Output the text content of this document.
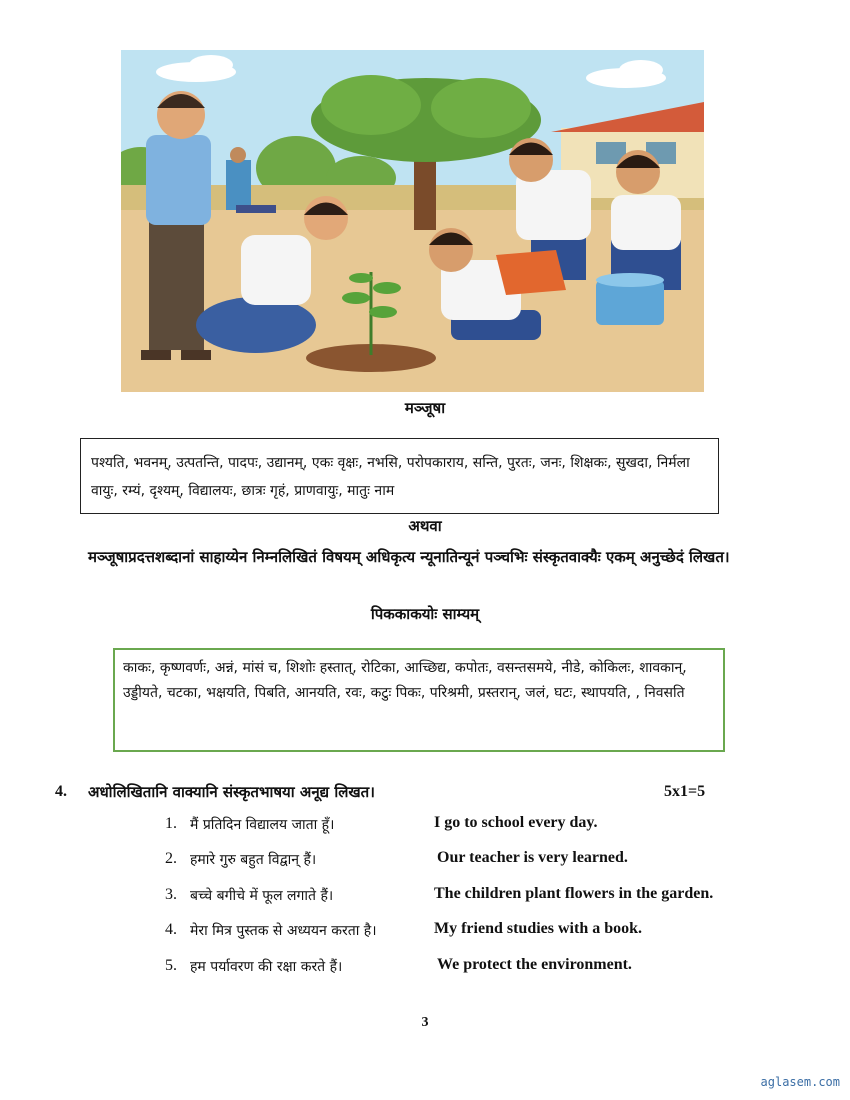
मञ्जूषा
पश्यति, भवनम्, उत्पतन्ति, पादपः, उद्यानम्, एकः वृक्षः, नभसि, परोपकाराय, सन्ति, पुरतः, जनः, शिक्षकः, सुखदा, निर्मला वायुः, रम्यं, दृश्यम्, विद्यालयः, छात्रः गृहं, प्राणवायुः, मातुः नाम
अथवा
मञ्जूषाप्रदत्तशब्दानां साहाय्येन निम्नलिखितं विषयम् अधिकृत्य न्यूनातिन्यूनं पञ्चभिः संस्कृतवाक्यैः एकम् अनुच्छेदं लिखत।
पिककाकयोः साम्यम्
काकः, कृष्णवर्णः, अन्नं, मांसं च, शिशोः हस्तात्, रोटिका, आच्छिद्य, कपोतः, वसन्तसमये, नीडे, कोकिलः, शावकान्, उड्डीयते, चटका, भक्षयति, पिबति, आनयति, रवः, कटुः पिकः, परिश्रमी, प्रस्तरान्, जलं, घटः, स्थापयति, , निवसति
4. अधोलिखितानि वाक्यानि संस्कृतभाषया अनूद्य लिखत।	5x1=5
1. मैं प्रतिदिन विद्यालय जाता हूँ।	I go to school every day.
2. हमारे गुरु बहुत विद्वान् हैं।	Our teacher is very learned.
3. बच्चे बगीचे में फूल लगाते हैं।	The children plant flowers in the garden.
4. मेरा मित्र पुस्तक से अध्ययन करता है।	My friend studies with a book.
5. हम पर्यावरण की रक्षा करते हैं।	We protect the environment.
3
aglasem.com
